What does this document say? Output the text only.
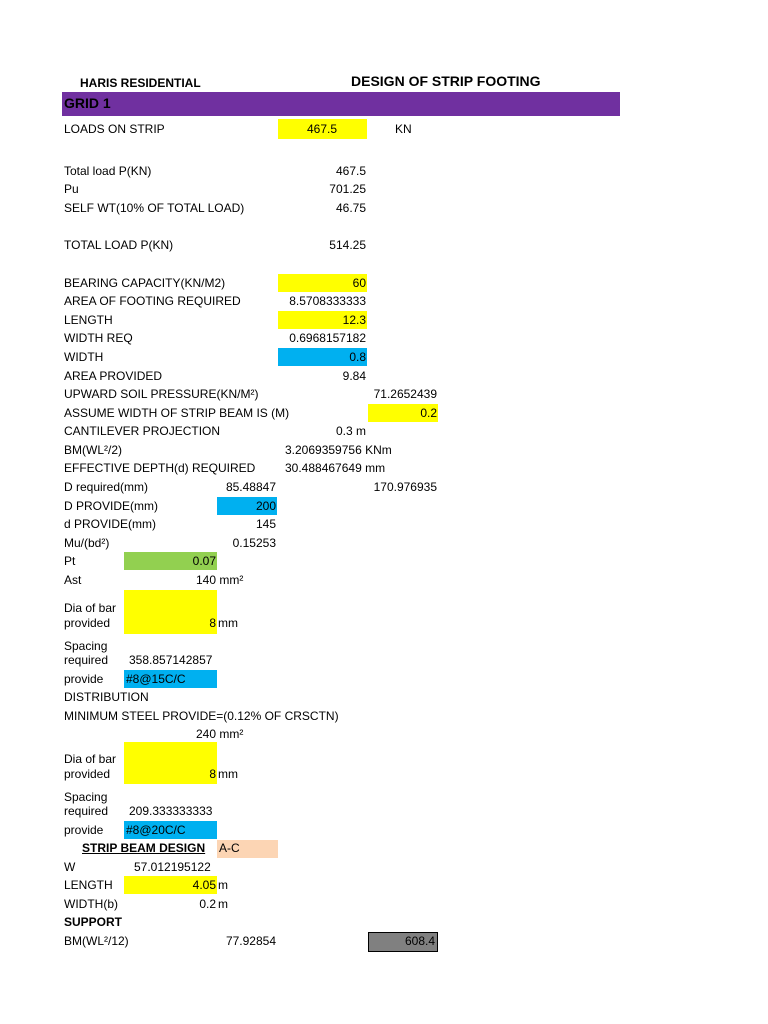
HARIS RESIDENTIAL	DESIGN OF STRIP FOOTING
GRID 1
LOADS ON STRIP	467.5	KN
Total load P(KN)	467.5
Pu	701.25
SELF WT(10% OF TOTAL LOAD)	46.75
TOTAL LOAD P(KN)	514.25
BEARING CAPACITY(KN/M2)	60
AREA OF FOOTING REQUIRED	8.5708333333
LENGTH	12.3
WIDTH REQ	0.6968157182
WIDTH	0.8
AREA PROVIDED	9.84
UPWARD SOIL PRESSURE(KN/M²)	71.2652439
ASSUME WIDTH OF STRIP BEAM IS (M)	0.2
CANTILEVER PROJECTION	0.3 m
BM(WL²/2)	3.2069359756 KNm
EFFECTIVE DEPTH(d) REQUIRED 30.488467649 mm
D required(mm)	85.48847	170.976935
D PROVIDE(mm)	200
d PROVIDE(mm)	145
Mu/(bd²)	0.15253
Pt	0.07
Ast	140 mm²
Dia of bar
provided	8 mm
Spacing
required 358.857142857
provide #8@15C/C
DISTRIBUTION
MINIMUM STEEL PROVIDE=(0.12% OF CRSCTN)
240 mm²
Dia of bar
provided	8 mm
Spacing
required 209.333333333
provide #8@20C/C
STRIP BEAM DESIGN A-C
W	57.012195122
LENGTH	4.05 m
WIDTH(b)	0.2 m
SUPPORT
BM(WL²/12)	77.92854	608.4
